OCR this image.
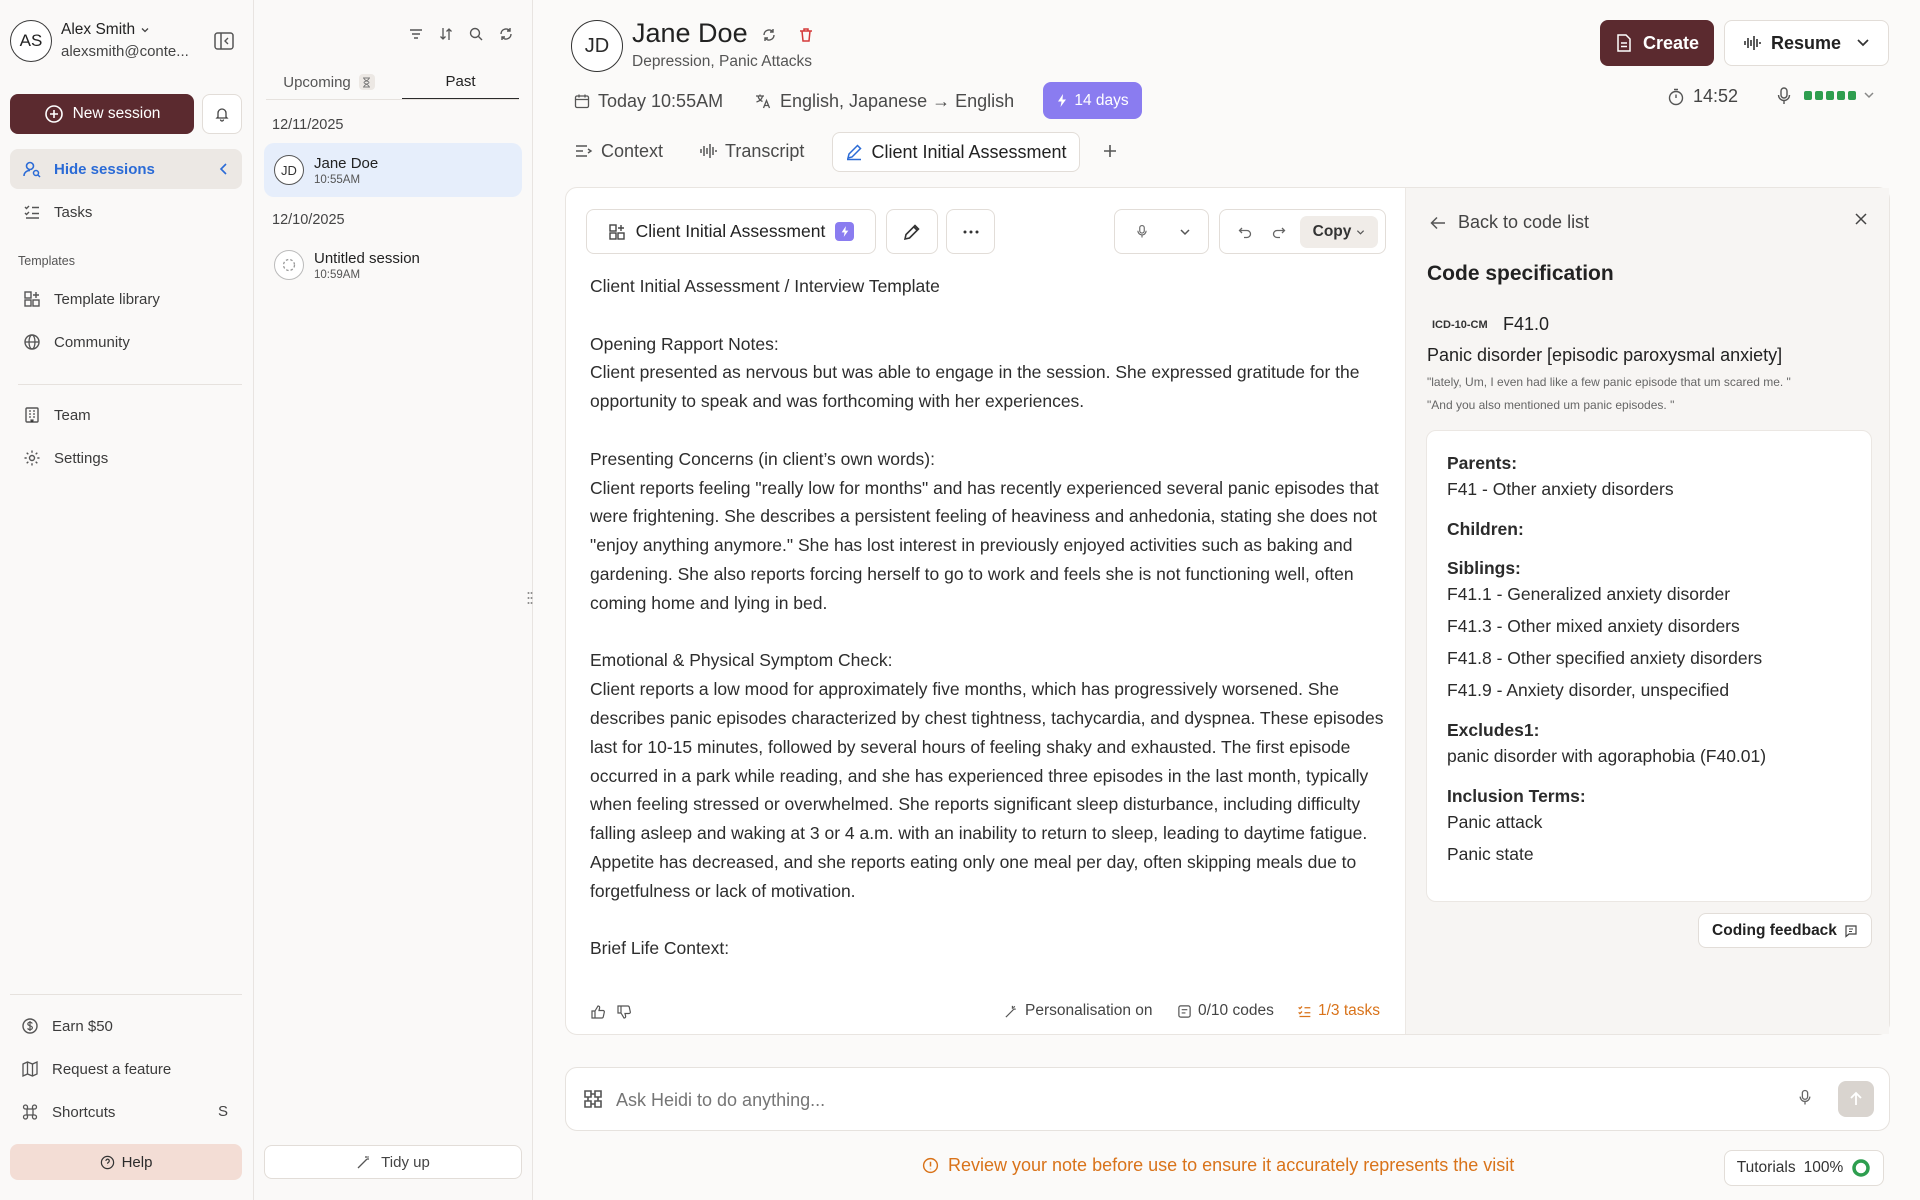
AS
Alex Smith
alexsmith@conte...
New session
Hide sessions
Tasks
Templates
Template library
Community
Team
Settings
Earn $50
Request a feature
Shortcuts	S
Help
Upcoming	Past
12/11/2025
JD	Jane Doe
10:55AM
12/10/2025
Untitled session
10:59AM
Tidy up
JD Jane Doe
Depression, Panic Attacks
Create	Resume
Today 10:55AM	English, Japanese → English	14 days	14:52
Context	Transcript	Client Initial Assessment
Client Initial Assessment	Copy
Client Initial Assessment / Interview Template

Opening Rapport Notes:
Client presented as nervous but was able to engage in the session. She expressed gratitude for the opportunity to speak and was forthcoming with her experiences.

Presenting Concerns (in client’s own words):
Client reports feeling "really low for months" and has recently experienced several panic episodes that were frightening. She describes a persistent feeling of heaviness and anhedonia, stating she does not "enjoy anything anymore." She has lost interest in previously enjoyed activities such as baking and gardening. She also reports forcing herself to go to work and feels she is not functioning well, often coming home and lying in bed.

Emotional & Physical Symptom Check:
Client reports a low mood for approximately five months, which has progressively worsened. She describes panic episodes characterized by chest tightness, tachycardia, and dyspnea. These episodes last for 10-15 minutes, followed by several hours of feeling shaky and exhausted. The first episode occurred in a park while reading, and she has experienced three episodes in the last month, typically when feeling stressed or overwhelmed. She reports significant sleep disturbance, including difficulty falling asleep and waking at 3 or 4 a.m. with an inability to return to sleep, leading to daytime fatigue. Appetite has decreased, and she reports eating only one meal per day, often skipping meals due to forgetfulness or lack of motivation.

Brief Life Context:
Personalisation on	0/10 codes	1/3 tasks
Back to code list
Code specification
ICD-10-CM F41.0
Panic disorder [episodic paroxysmal anxiety]
"lately, Um, I even had like a few panic episode that um scared me. "
"And you also mentioned um panic episodes. "
Parents:
F41 - Other anxiety disorders
Children:
Siblings:
F41.1 - Generalized anxiety disorder
F41.3 - Other mixed anxiety disorders
F41.8 - Other specified anxiety disorders
F41.9 - Anxiety disorder, unspecified
Excludes1:
panic disorder with agoraphobia (F40.01)
Inclusion Terms:
Panic attack
Panic state
Coding feedback
Ask Heidi to do anything...
Review your note before use to ensure it accurately represents the visit	Tutorials 100%
